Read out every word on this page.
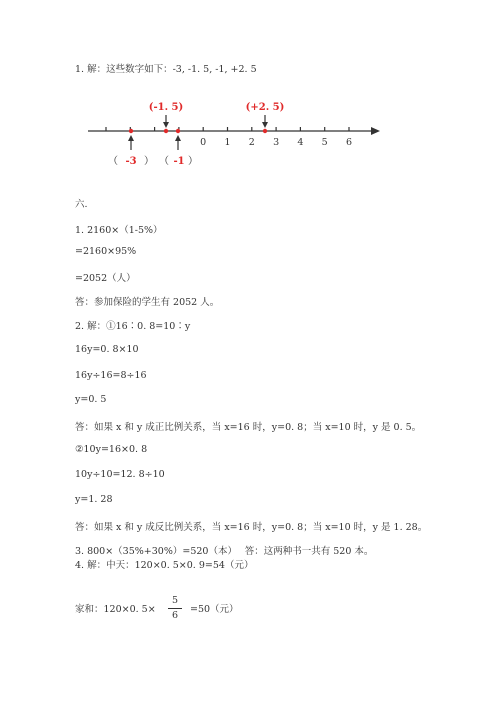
1. 解：这些数字如下：-3, -1. 5, -1, +2. 5
0 1 2 3 4 5 6
(-1. 5)	(+2. 5)
（ -3 ） （ -1 ）
六.
1. 2160×（1-5%）
=2160×95%
=2052（人）
答：参加保险的学生有 2052 人。
2. 解：①16∶0. 8=10∶y
16y=0. 8×10
16y÷16=8÷16
y=0. 5
答：如果 x 和 y 成正比例关系，当 x=16 时，y=0. 8；当 x=10 时，y 是 0. 5。
②10y=16×0. 8
10y÷10=12. 8÷10
y=1. 28
答：如果 x 和 y 成反比例关系，当 x=16 时，y=0. 8；当 x=10 时，y 是 1. 28。
3. 800×（35%+30%）=520（本）　 答：这两种书一共有 520 本。
4. 解：中天：120×0. 5×0. 9=54（元）
家和：120×0. 5×
5
6
=50（元）
